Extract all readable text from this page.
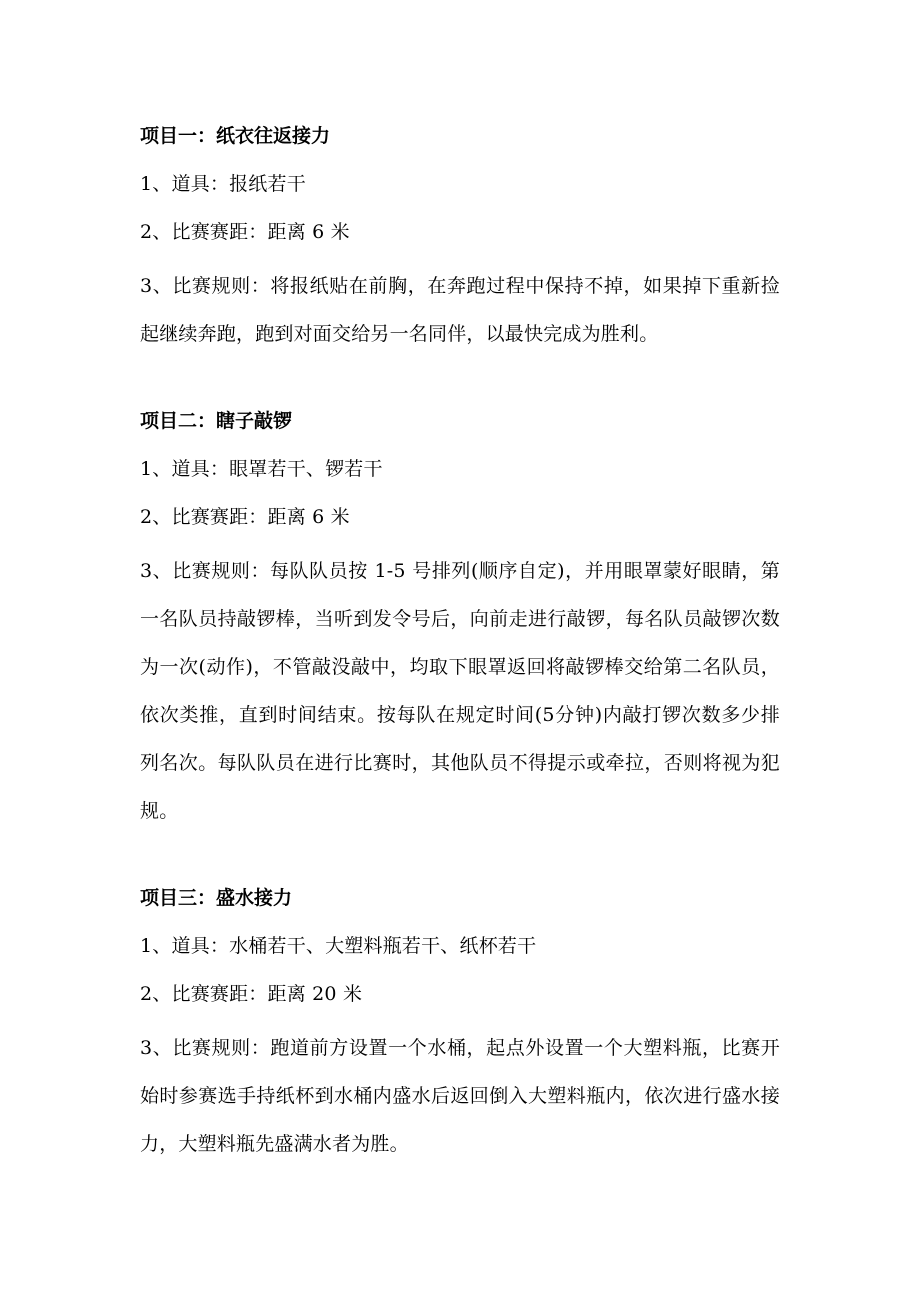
项目一：纸衣往返接力

1、道具：报纸若干

2、比赛赛距：距离 6 米

3、比赛规则：将报纸贴在前胸，在奔跑过程中保持不掉，如果掉下重新捡起继续奔跑，跑到对面交给另一名同伴，以最快完成为胜利。

项目二：瞎子敲锣

1、道具：眼罩若干、锣若干

2、比赛赛距：距离 6 米

3、比赛规则：每队队员按 1-5 号排列(顺序自定)，并用眼罩蒙好眼睛，第一名队员持敲锣棒，当听到发令号后，向前走进行敲锣，每名队员敲锣次数为一次(动作)，不管敲没敲中，均取下眼罩返回将敲锣棒交给第二名队员，依次类推，直到时间结束。按每队在规定时间(5分钟)内敲打锣次数多少排列名次。每队队员在进行比赛时，其他队员不得提示或牵拉，否则将视为犯规。

项目三：盛水接力

1、道具：水桶若干、大塑料瓶若干、纸杯若干

2、比赛赛距：距离 20 米

3、比赛规则：跑道前方设置一个水桶，起点外设置一个大塑料瓶，比赛开始时参赛选手持纸杯到水桶内盛水后返回倒入大塑料瓶内，依次进行盛水接力，大塑料瓶先盛满水者为胜。
